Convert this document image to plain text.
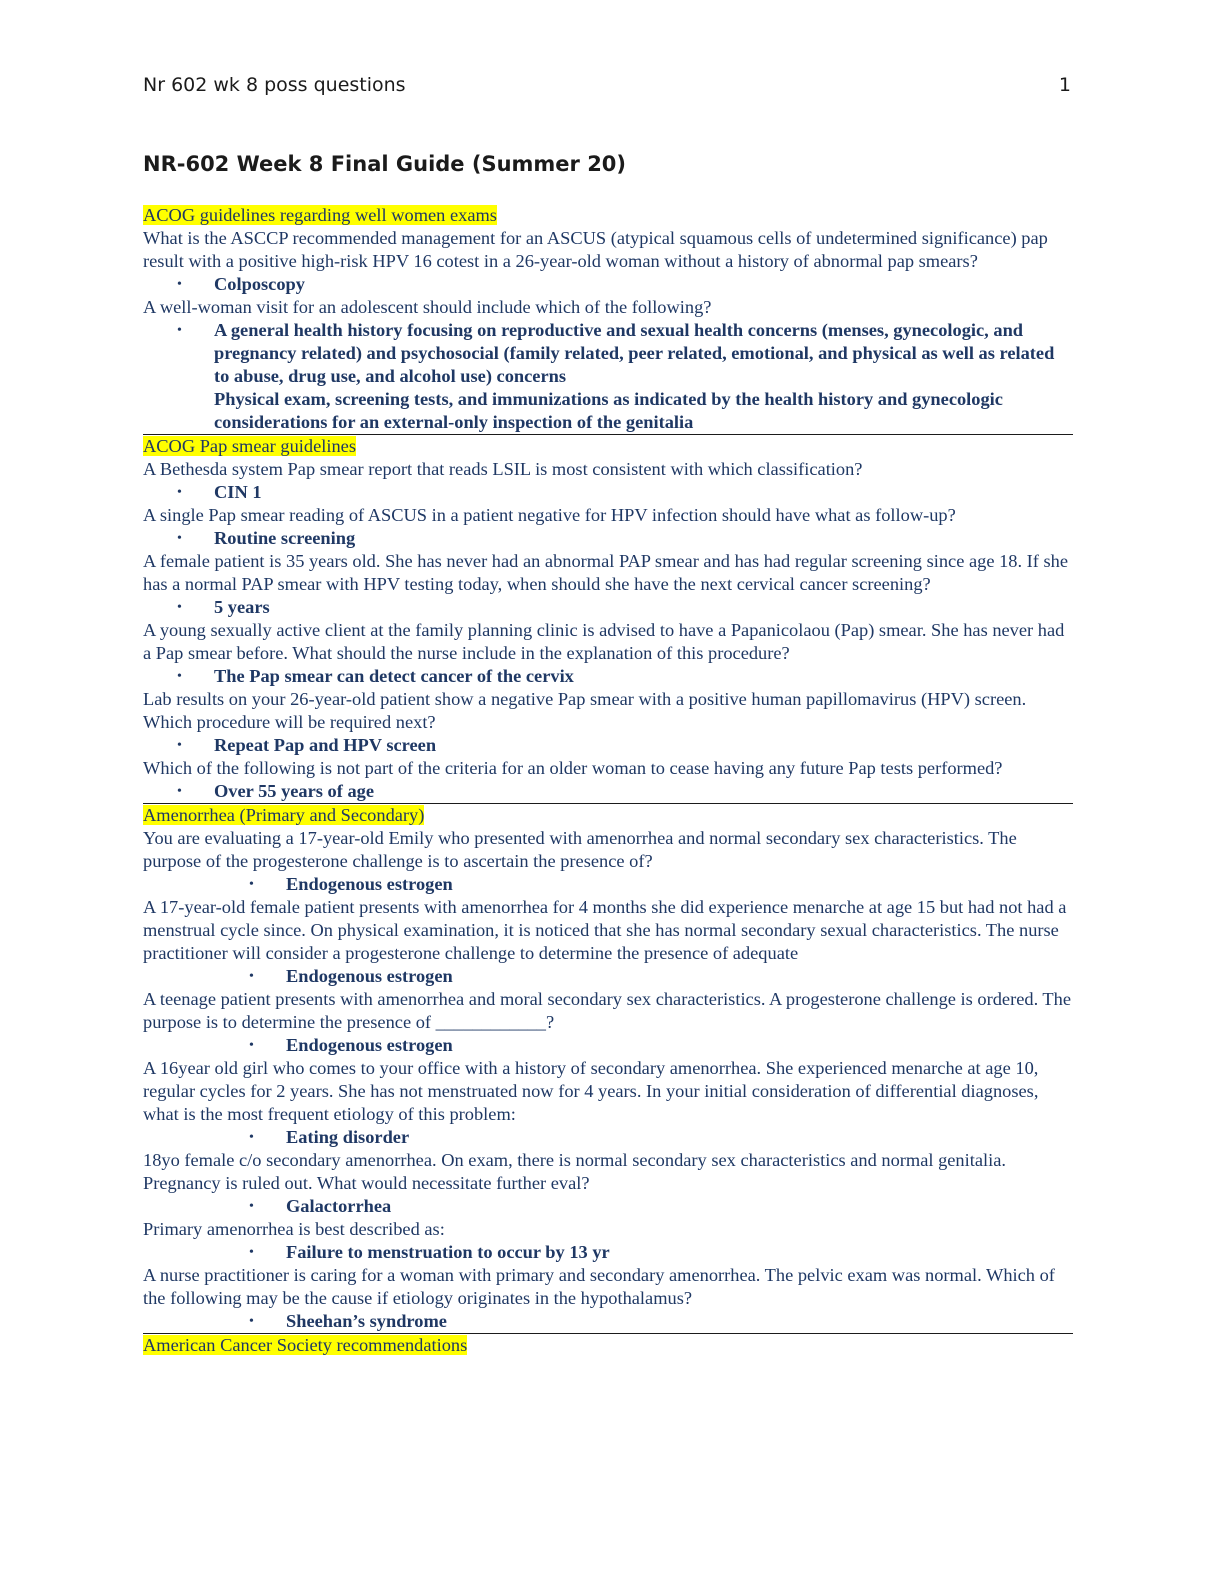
Nr 602 wk 8 poss questions	1
NR-602 Week 8 Final Guide (Summer 20)
ACOG guidelines regarding well women exams

What is the ASCCP recommended management for an ASCUS (atypical squamous cells of undetermined significance) pap result with a positive high-risk HPV 16 cotest in a 26-year-old woman without a history of abnormal pap smears?

• Colposcopy

A well-woman visit for an adolescent should include which of the following?

• A general health history focusing on reproductive and sexual health concerns (menses, gynecologic, and pregnancy related) and psychosocial (family related, peer related, emotional, and physical as well as related to abuse, drug use, and alcohol use) concerns

Physical exam, screening tests, and immunizations as indicated by the health history and gynecologic considerations for an external-only inspection of the genitalia

ACOG Pap smear guidelines

A Bethesda system Pap smear report that reads LSIL is most consistent with which classification?

• CIN 1

A single Pap smear reading of ASCUS in a patient negative for HPV infection should have what as follow-up?

• Routine screening

A female patient is 35 years old. She has never had an abnormal PAP smear and has had regular screening since age 18. If she has a normal PAP smear with HPV testing today, when should she have the next cervical cancer screening?

• 5 years

A young sexually active client at the family planning clinic is advised to have a Papanicolaou (Pap) smear. She has never had a Pap smear before. What should the nurse include in the explanation of this procedure?

• The Pap smear can detect cancer of the cervix

Lab results on your 26-year-old patient show a negative Pap smear with a positive human papillomavirus (HPV) screen. Which procedure will be required next?

• Repeat Pap and HPV screen

Which of the following is not part of the criteria for an older woman to cease having any future Pap tests performed?

• Over 55 years of age

Amenorrhea (Primary and Secondary)

You are evaluating a 17-year-old Emily who presented with amenorrhea and normal secondary sex characteristics. The purpose of the progesterone challenge is to ascertain the presence of?

• Endogenous estrogen

A 17-year-old female patient presents with amenorrhea for 4 months she did experience menarche at age 15 but had not had a menstrual cycle since. On physical examination, it is noticed that she has normal secondary sexual characteristics. The nurse practitioner will consider a progesterone challenge to determine the presence of adequate

• Endogenous estrogen

A teenage patient presents with amenorrhea and moral secondary sex characteristics. A progesterone challenge is ordered. The purpose is to determine the presence of ____________?

• Endogenous estrogen

A 16year old girl who comes to your office with a history of secondary amenorrhea. She experienced menarche at age 10, regular cycles for 2 years. She has not menstruated now for 4 years. In your initial consideration of differential diagnoses, what is the most frequent etiology of this problem:

• Eating disorder

18yo female c/o secondary amenorrhea. On exam, there is normal secondary sex characteristics and normal genitalia. Pregnancy is ruled out. What would necessitate further eval?

• Galactorrhea

Primary amenorrhea is best described as:

• Failure to menstruation to occur by 13 yr

A nurse practitioner is caring for a woman with primary and secondary amenorrhea. The pelvic exam was normal. Which of the following may be the cause if etiology originates in the hypothalamus?

• Sheehan’s syndrome

American Cancer Society recommendations
